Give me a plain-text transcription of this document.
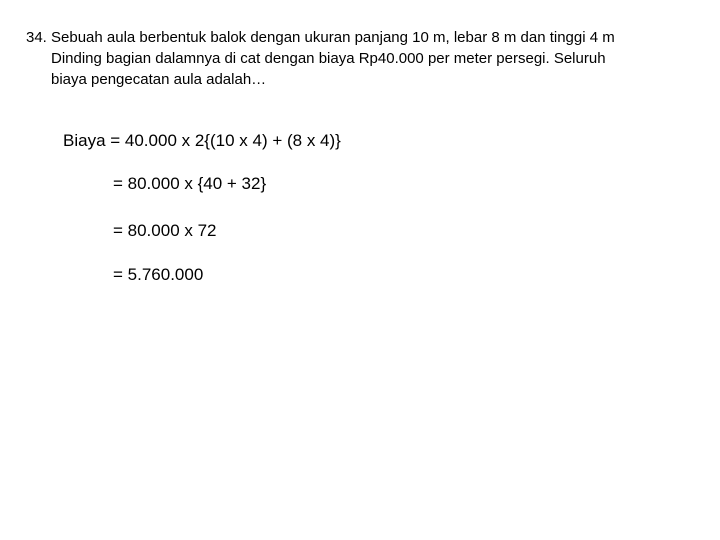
34. Sebuah aula berbentuk balok dengan ukuran panjang 10 m, lebar 8 m dan tinggi 4 m
Dinding bagian dalamnya di cat dengan biaya Rp40.000 per meter persegi. Seluruh
biaya pengecatan aula adalah…
Biaya = 40.000 x 2{(10 x 4) + (8 x 4)}
= 80.000 x {40 + 32}
= 80.000 x 72
= 5.760.000
